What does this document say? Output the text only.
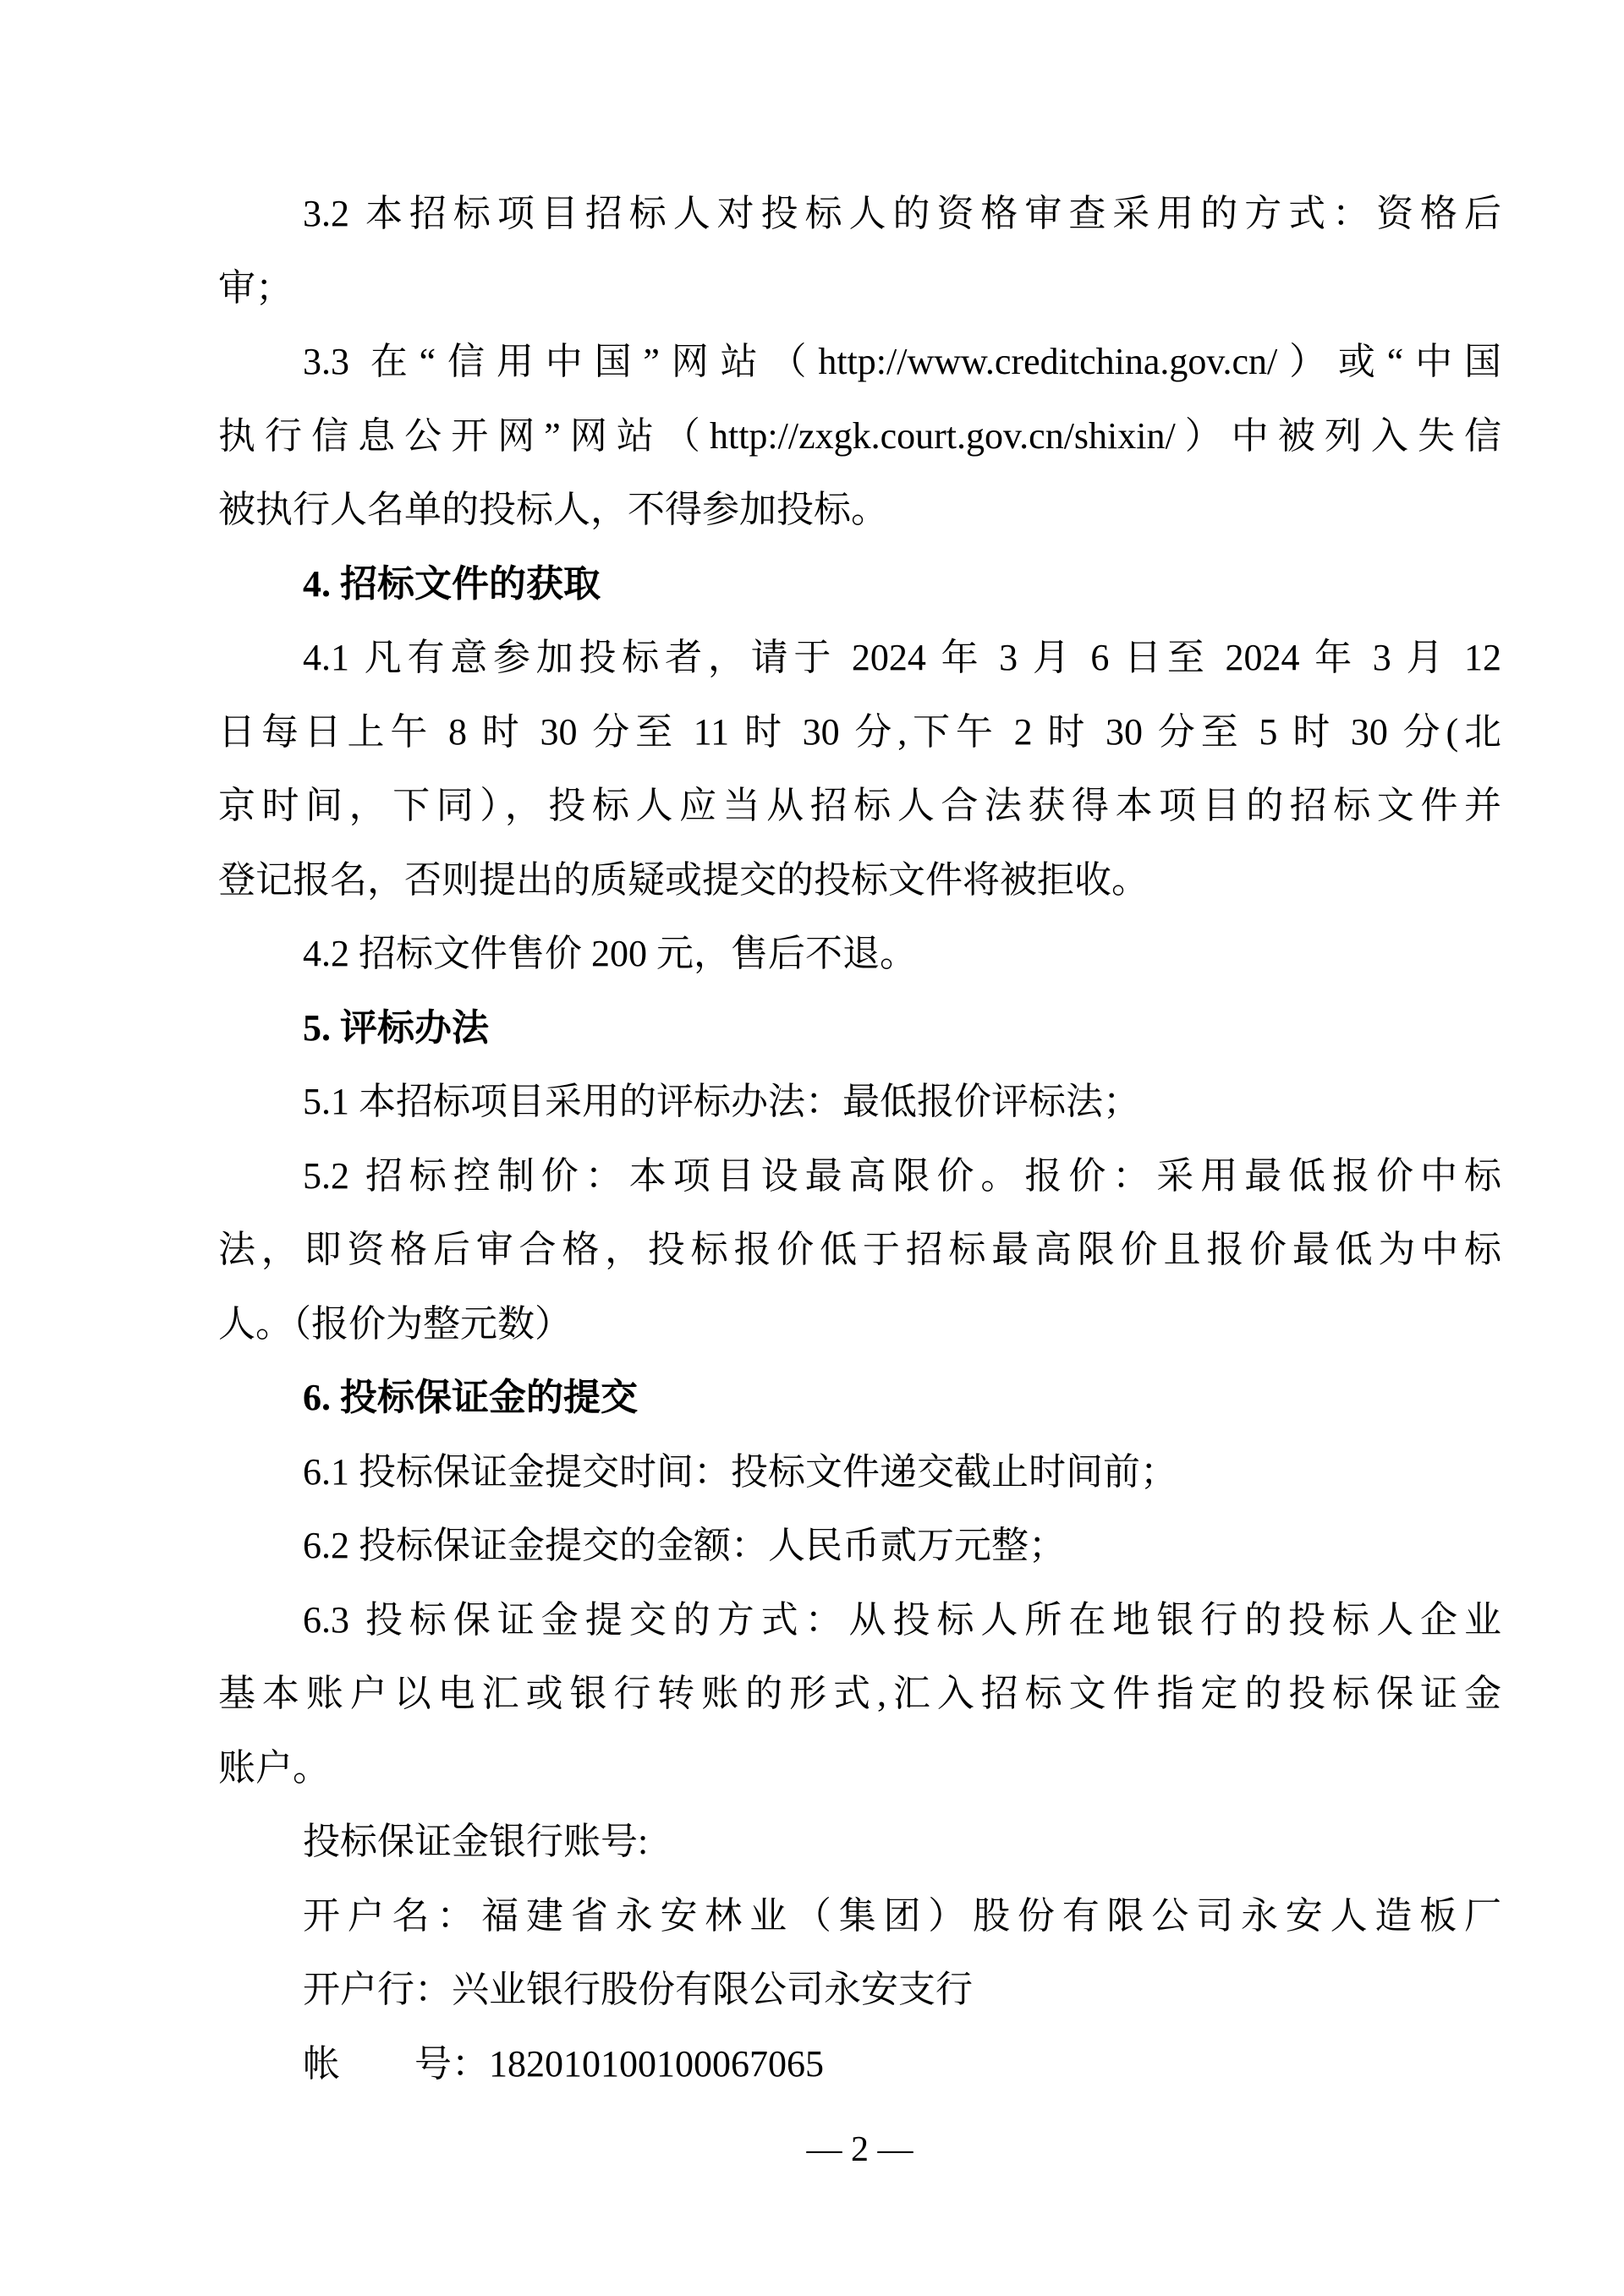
3.2 本招标项目招标人对投标人的资格审查采用的方式：资格后
审；
3.3 在“信用中国”网站（http://www.creditchina.gov.cn/）或“中国
执行信息公开网”网站（http://zxgk.court.gov.cn/shixin/）中被列入失信
被执行人名单的投标人，不得参加投标。
4. 招标文件的获取
4.1 凡有意参加投标者，请于 2024 年 3 月 6 日至 2024 年 3 月 12
日每日上午 8 时 30 分至 11 时 30 分,下午 2 时 30 分至 5 时 30 分(北
京时间，下同），投标人应当从招标人合法获得本项目的招标文件并
登记报名，否则提出的质疑或提交的投标文件将被拒收。
4.2 招标文件售价 200 元，售后不退。
5. 评标办法
5.1 本招标项目采用的评标办法：最低报价评标法；
5.2 招标控制价：本项目设最高限价。报价：采用最低报价中标
法，即资格后审合格，投标报价低于招标最高限价且报价最低为中标
人。（报价为整元数）
6. 投标保证金的提交
6.1 投标保证金提交时间：投标文件递交截止时间前；
6.2 投标保证金提交的金额：人民币贰万元整；
6.3 投标保证金提交的方式：从投标人所在地银行的投标人企业
基本账户以电汇或银行转账的形式,汇入招标文件指定的投标保证金
账户。
投标保证金银行账号:
开户名：福建省永安林业（集团）股份有限公司永安人造板厂
开户行：兴业银行股份有限公司永安支行
帐　　号：182010100100067065
— 2 —
